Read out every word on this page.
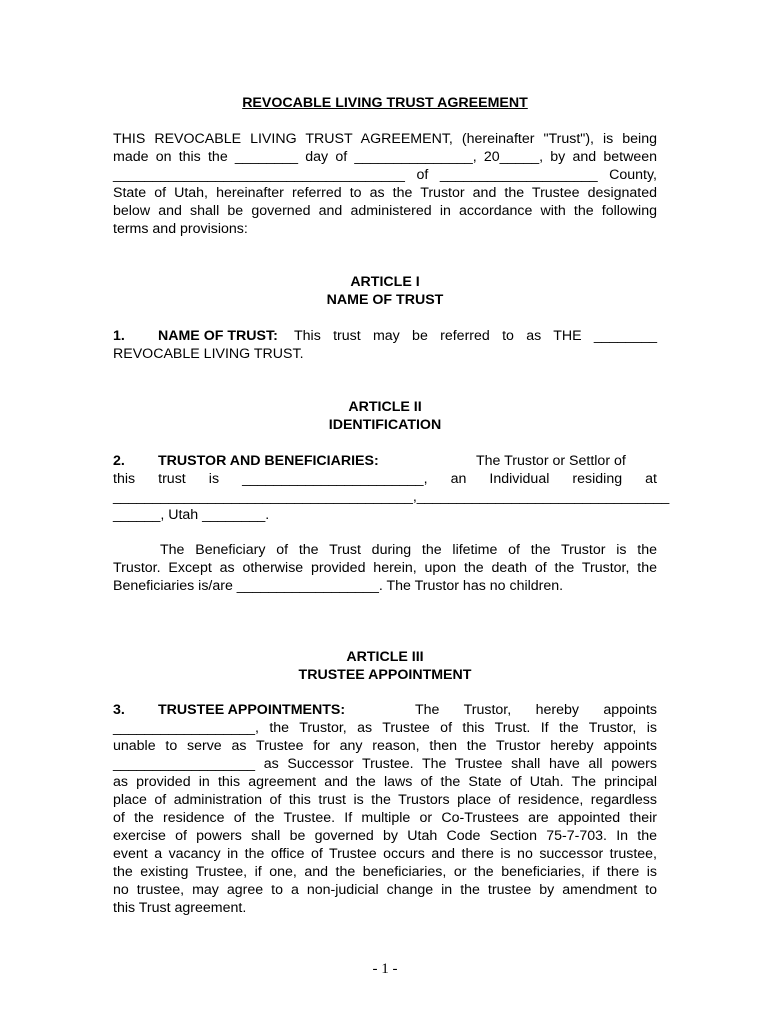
REVOCABLE LIVING TRUST AGREEMENT
THIS REVOCABLE LIVING TRUST AGREEMENT, (hereinafter "Trust"), is being
made on this the ________ day of _______________, 20_____, by and between
_____________________________________ of ____________________ County,
State of Utah, hereinafter referred to as the Trustor and the Trustee designated
below and shall be governed and administered in accordance with the following
terms and provisions:
ARTICLE I
NAME OF TRUST
1. NAME OF TRUST: This trust may be referred to as THE ________
REVOCABLE LIVING TRUST.
ARTICLE II
IDENTIFICATION
2. TRUSTOR AND BENEFICIARIES:	The Trustor or Settlor of
this trust is _______________________, an Individual residing at
______________________________________,________________________________
______, Utah ________.
The Beneficiary of the Trust during the lifetime of the Trustor is the
Trustor. Except as otherwise provided herein, upon the death of the Trustor, the
Beneficiaries is/are __________________. The Trustor has no children.
ARTICLE III
TRUSTEE APPOINTMENT
3. TRUSTEE APPOINTMENTS:	The Trustor, hereby appoints
__________________, the Trustor, as Trustee of this Trust. If the Trustor, is
unable to serve as Trustee for any reason, then the Trustor hereby appoints
__________________ as Successor Trustee. The Trustee shall have all powers
as provided in this agreement and the laws of the State of Utah. The principal
place of administration of this trust is the Trustors place of residence, regardless
of the residence of the Trustee. If multiple or Co-Trustees are appointed their
exercise of powers shall be governed by Utah Code Section 75-7-703. In the
event a vacancy in the office of Trustee occurs and there is no successor trustee,
the existing Trustee, if one, and the beneficiaries, or the beneficiaries, if there is
no trustee, may agree to a non-judicial change in the trustee by amendment to
this Trust agreement.
- 1 -
